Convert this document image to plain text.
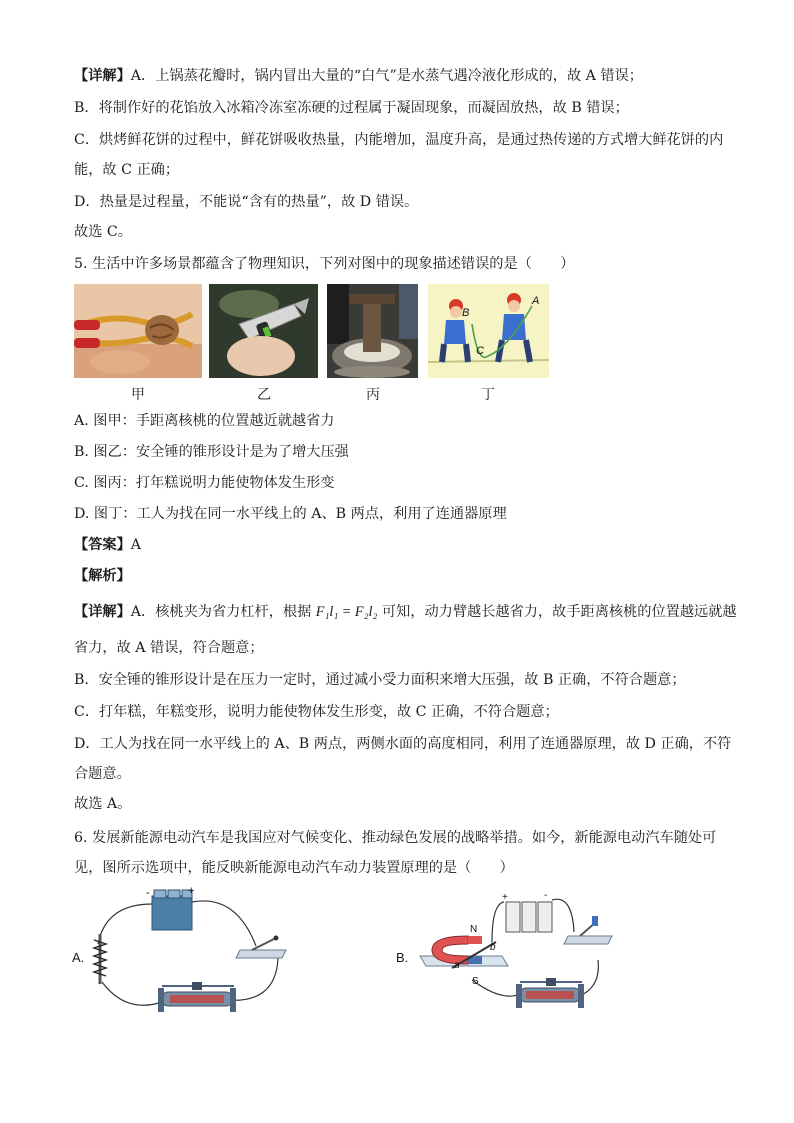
【详解】A．上锅蒸花瓣时，锅内冒出大量的“白气”是水蒸气遇冷液化形成的，故 A 错误；
B．将制作好的花馅放入冰箱冷冻室冻硬的过程属于凝固现象，而凝固放热，故 B 错误；
C．烘烤鲜花饼的过程中，鲜花饼吸收热量，内能增加，温度升高，是通过热传递的方式增大鲜花饼的内
能，故 C 正确；
D．热量是过程量，不能说“含有的热量”，故 D 错误。
故选 C。
5. 生活中许多场景都蕴含了物理知识，下列对图中的现象描述错误的是（　　）
B
A
C
甲	乙	丙	丁
A. 图甲：手距离核桃的位置越近就越省力
B. 图乙：安全锤的锥形设计是为了增大压强
C. 图丙：打年糕说明力能使物体发生形变
D. 图丁：工人为找在同一水平线上的 A、B 两点，利用了连通器原理
【答案】A
【解析】
【详解】A．核桃夹为省力杠杆，根据 F₁l₁ = F₂l₂ 可知，动力臂越长越省力，故手距离核桃的位置越远就越
省力，故 A 错误，符合题意；
B．安全锤的锥形设计是在压力一定时，通过减小受力面积来增大压强，故 B 正确，不符合题意；
C．打年糕，年糕变形，说明力能使物体发生形变，故 C 正确，不符合题意；
D．工人为找在同一水平线上的 A、B 两点，两侧水面的高度相同，利用了连通器原理，故 D 正确，不符
合题意。
故选 A。
6. 发展新能源电动汽车是我国应对气候变化、推动绿色发展的战略举措。如今，新能源电动汽车随处可
见，图所示选项中，能反映新能源电动汽车动力装置原理的是（　　）
A.
-	+
B.
+	-
N
S
a
b
